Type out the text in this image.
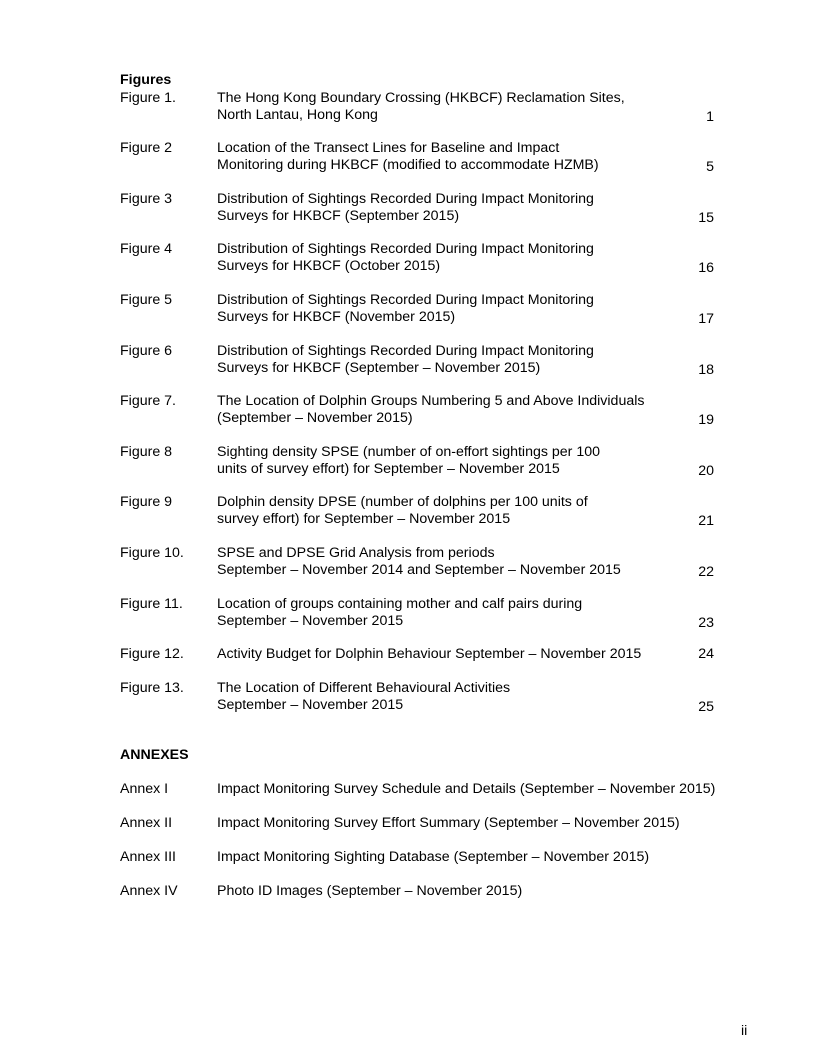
Figures
Figure 1.	The Hong Kong Boundary Crossing (HKBCF) Reclamation Sites,
North Lantau, Hong Kong	1
Figure 2	Location of the Transect Lines for Baseline and Impact
Monitoring during HKBCF (modified to accommodate HZMB)	5
Figure 3	Distribution of Sightings Recorded During Impact Monitoring
Surveys for HKBCF (September 2015)	15
Figure 4	Distribution of Sightings Recorded During Impact Monitoring
Surveys for HKBCF (October 2015)	16
Figure 5	Distribution of Sightings Recorded During Impact Monitoring
Surveys for HKBCF (November 2015)	17
Figure 6	Distribution of Sightings Recorded During Impact Monitoring
Surveys for HKBCF (September – November 2015)	18
Figure 7.	The Location of Dolphin Groups Numbering 5 and Above Individuals
(September – November 2015)	19
Figure 8	Sighting density SPSE (number of on-effort sightings per 100
units of survey effort) for September – November 2015	20
Figure 9	Dolphin density DPSE (number of dolphins per 100 units of
survey effort) for September – November 2015	21
Figure 10. SPSE and DPSE Grid Analysis from periods
September – November 2014 and September – November 2015	22
Figure 11. Location of groups containing mother and calf pairs during
September – November 2015	23
Figure 12. Activity Budget for Dolphin Behaviour September – November 2015	24
Figure 13. The Location of Different Behavioural Activities
September – November 2015	25
ANNEXES
Annex I	Impact Monitoring Survey Schedule and Details (September – November 2015)
Annex II	Impact Monitoring Survey Effort Summary (September – November 2015)
Annex III	Impact Monitoring Sighting Database (September – November 2015)
Annex IV	Photo ID Images (September – November 2015)
ii
